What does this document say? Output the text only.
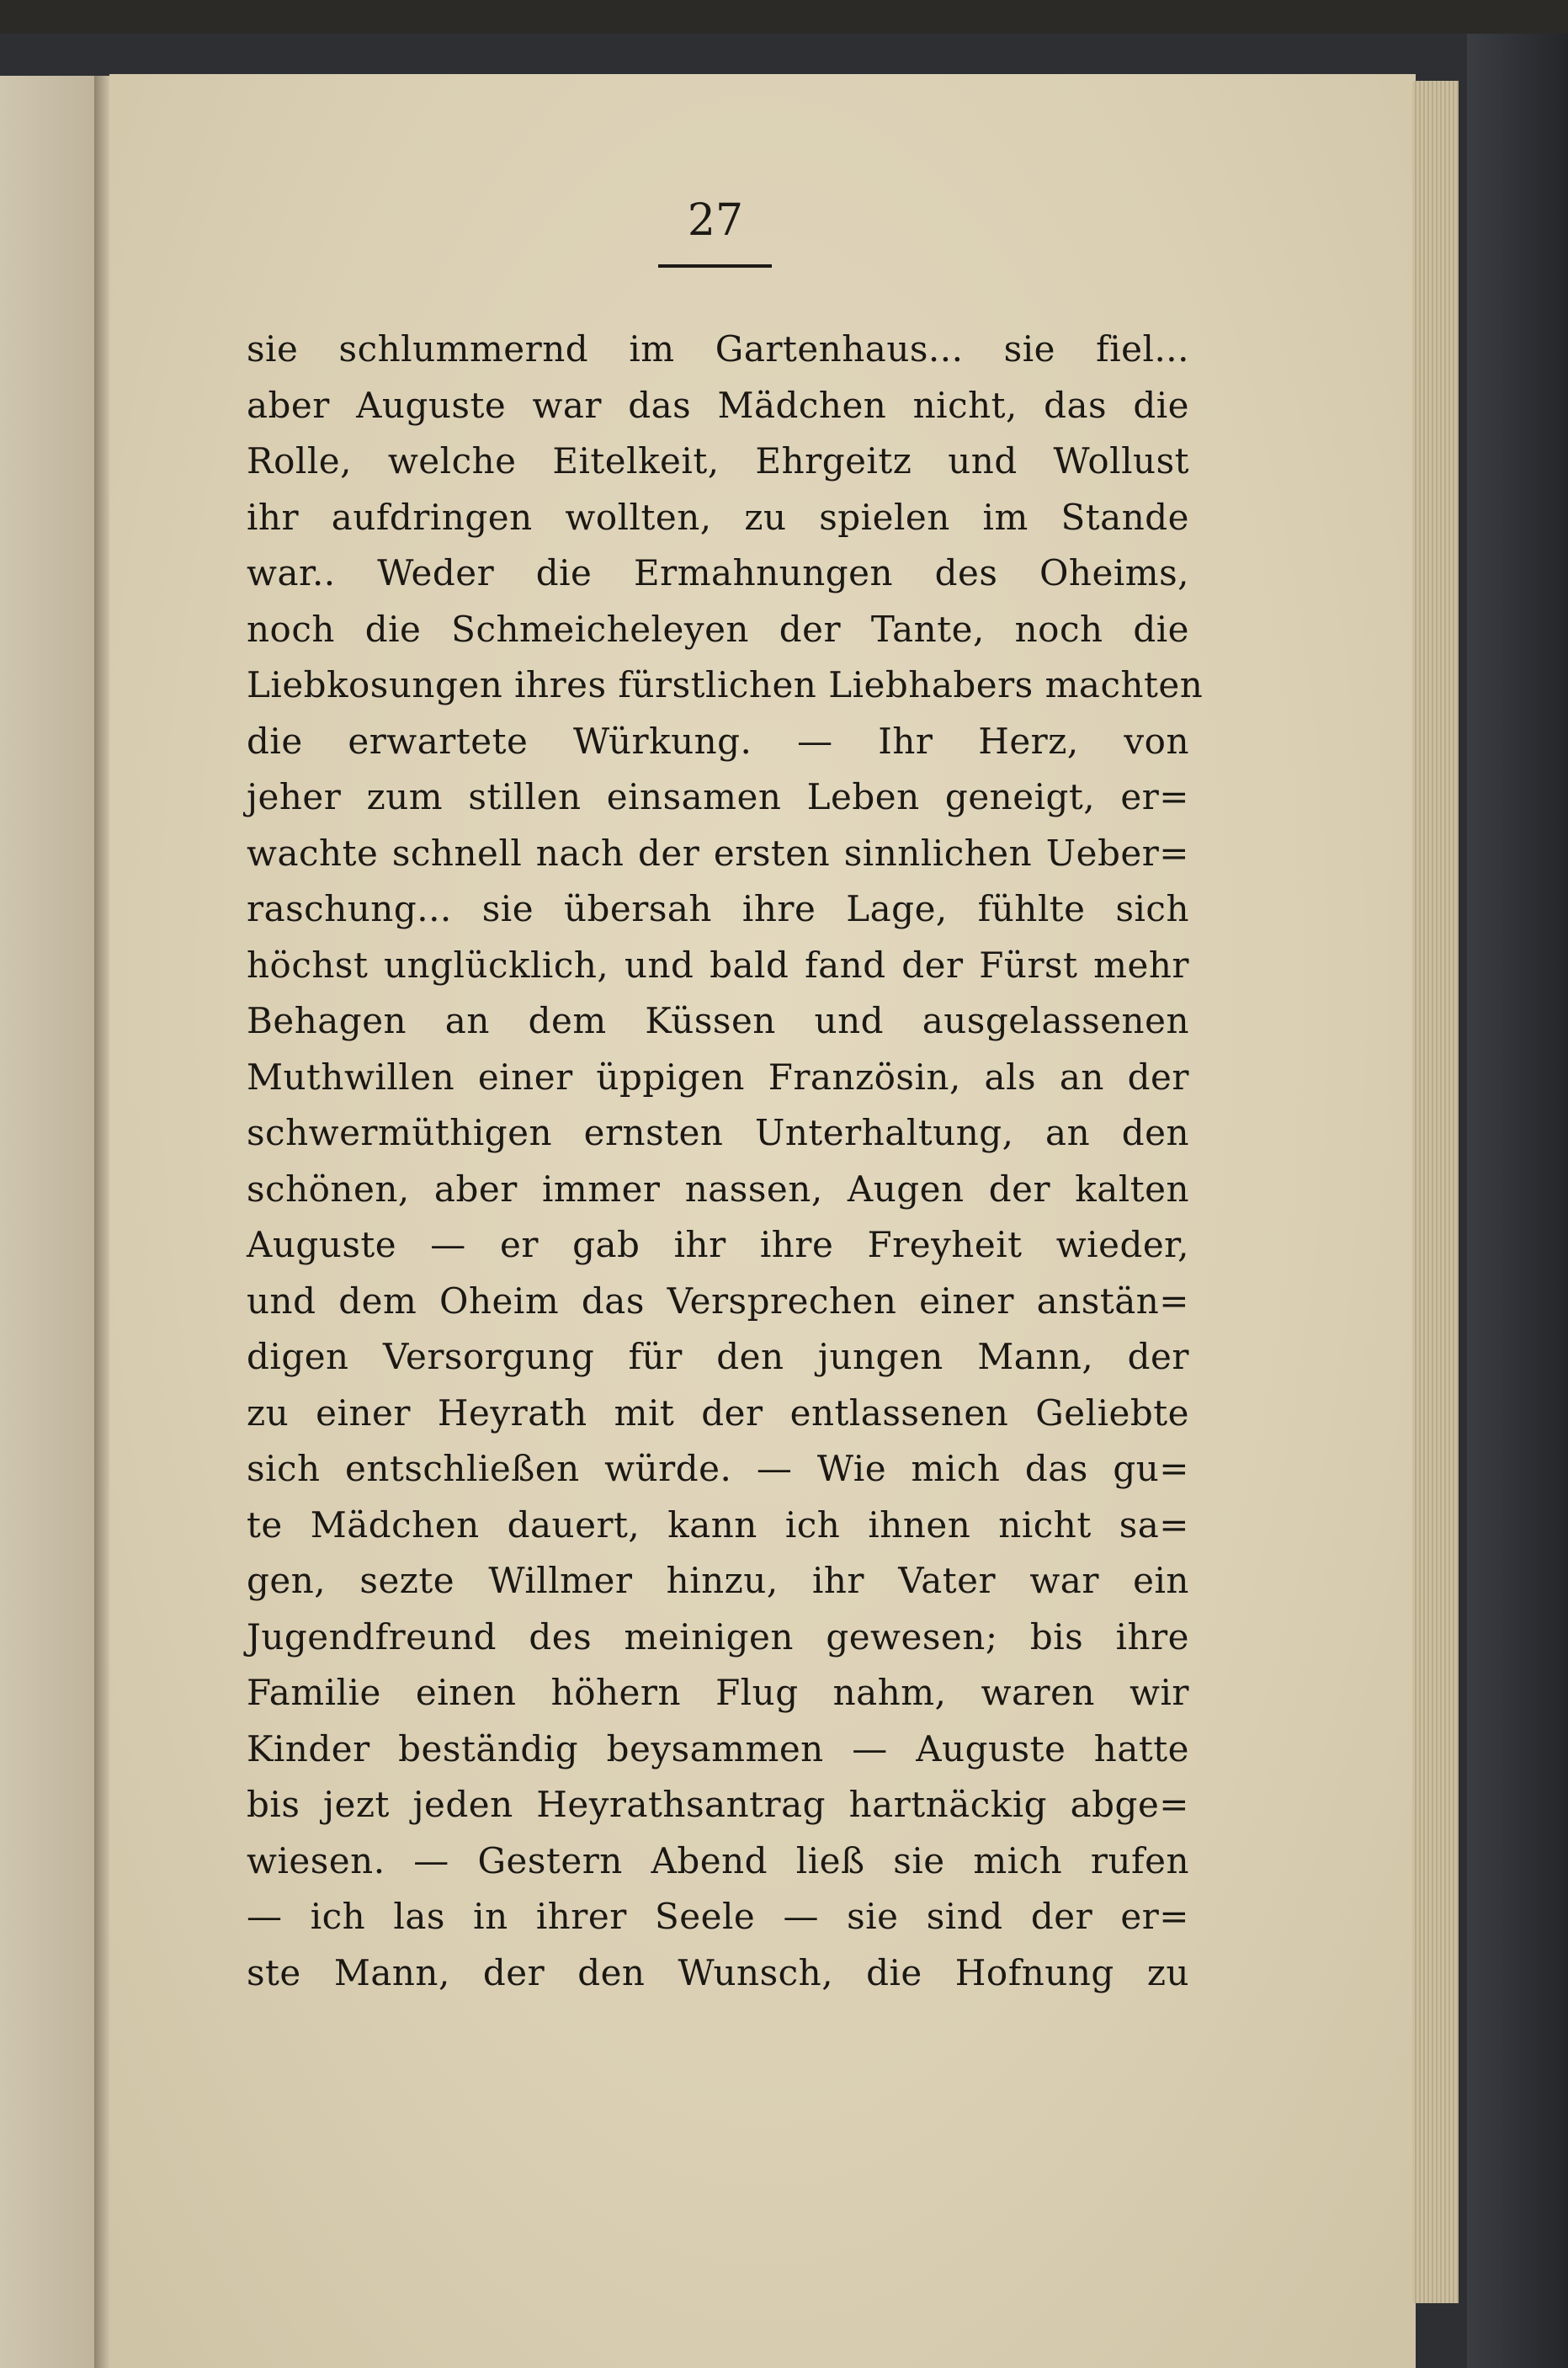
27
sie schlummernd im Gartenhaus... sie fiel...
aber Auguste war das Mädchen nicht, das die
Rolle, welche Eitelkeit, Ehrgeitz und Wollust
ihr aufdringen wollten, zu spielen im Stande
war.. Weder die Ermahnungen des Oheims,
noch die Schmeicheleyen der Tante, noch die
Liebkosungen ihres fürstlichen Liebhabers machten
die erwartete Würkung. — Ihr Herz, von
jeher zum stillen einsamen Leben geneigt, er=
wachte schnell nach der ersten sinnlichen Ueber=
raschung... sie übersah ihre Lage, fühlte sich
höchst unglücklich, und bald fand der Fürst mehr
Behagen an dem Küssen und ausgelassenen
Muthwillen einer üppigen Französin, als an der
schwermüthigen ernsten Unterhaltung, an den
schönen, aber immer nassen, Augen der kalten
Auguste — er gab ihr ihre Freyheit wieder,
und dem Oheim das Versprechen einer anstän=
digen Versorgung für den jungen Mann, der
zu einer Heyrath mit der entlassenen Geliebte
sich entschließen würde. — Wie mich das gu=
te Mädchen dauert, kann ich ihnen nicht sa=
gen, sezte Willmer hinzu, ihr Vater war ein
Jugendfreund des meinigen gewesen; bis ihre
Familie einen höhern Flug nahm, waren wir
Kinder beständig beysammen — Auguste hatte
bis jezt jeden Heyrathsantrag hartnäckig abge=
wiesen. — Gestern Abend ließ sie mich rufen
— ich las in ihrer Seele — sie sind der er=
ste Mann, der den Wunsch, die Hofnung zu
